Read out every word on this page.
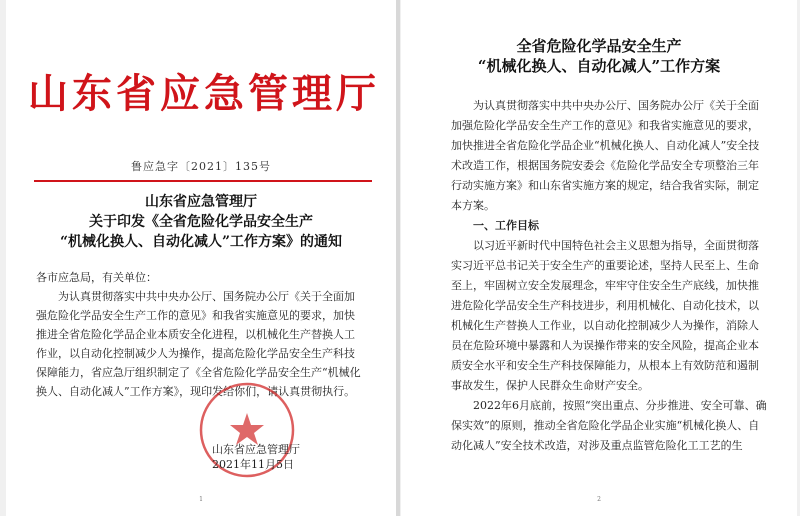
山东省应急管理厅
鲁应急字〔2021〕135号
山东省应急管理厅
关于印发《全省危险化学品安全生产
“机械化换人、自动化减人”工作方案》的通知

各市应急局，有关单位：

为认真贯彻落实中共中央办公厅、国务院办公厅《关于全面加强危险化学品安全生产工作的意见》和我省实施意见的要求，加快推进全省危险化学品企业本质安全化进程，以机械化生产替换人工作业，以自动化控制减少人为操作，提高危险化学品安全生产科技保障能力，省应急厅组织制定了《全省危险化学品安全生产“机械化换人、自动化减人”工作方案》，现印发给你们，请认真贯彻执行。

山东省应急管理厅
2021年11月5日
1
全省危险化学品安全生产
“机械化换人、自动化减人”工作方案

为认真贯彻落实中共中央办公厅、国务院办公厅《关于全面加强危险化学品安全生产工作的意见》和我省实施意见的要求，加快推进全省危险化学品企业“机械化换人、自动化减人”安全技术改造工作，根据国务院安委会《危险化学品安全专项整治三年行动实施方案》和山东省实施方案的规定，结合我省实际，制定本方案。

一、工作目标

以习近平新时代中国特色社会主义思想为指导，全面贯彻落实习近平总书记关于安全生产的重要论述，坚持人民至上、生命至上，牢固树立安全发展理念，牢牢守住安全生产底线，加快推进危险化学品安全生产科技进步，利用机械化、自动化技术，以机械化生产替换人工作业，以自动化控制减少人为操作，消除人员在危险环境中暴露和人为误操作带来的安全风险，提高企业本质安全水平和安全生产科技保障能力，从根本上有效防范和遏制事故发生，保护人民群众生命财产安全。

2022年6月底前，按照“突出重点、分步推进、安全可靠、确保实效”的原则，推动全省危险化学品企业实施“机械化换人、自动化减人”安全技术改造，对涉及重点监管危险化工工艺的生

2
